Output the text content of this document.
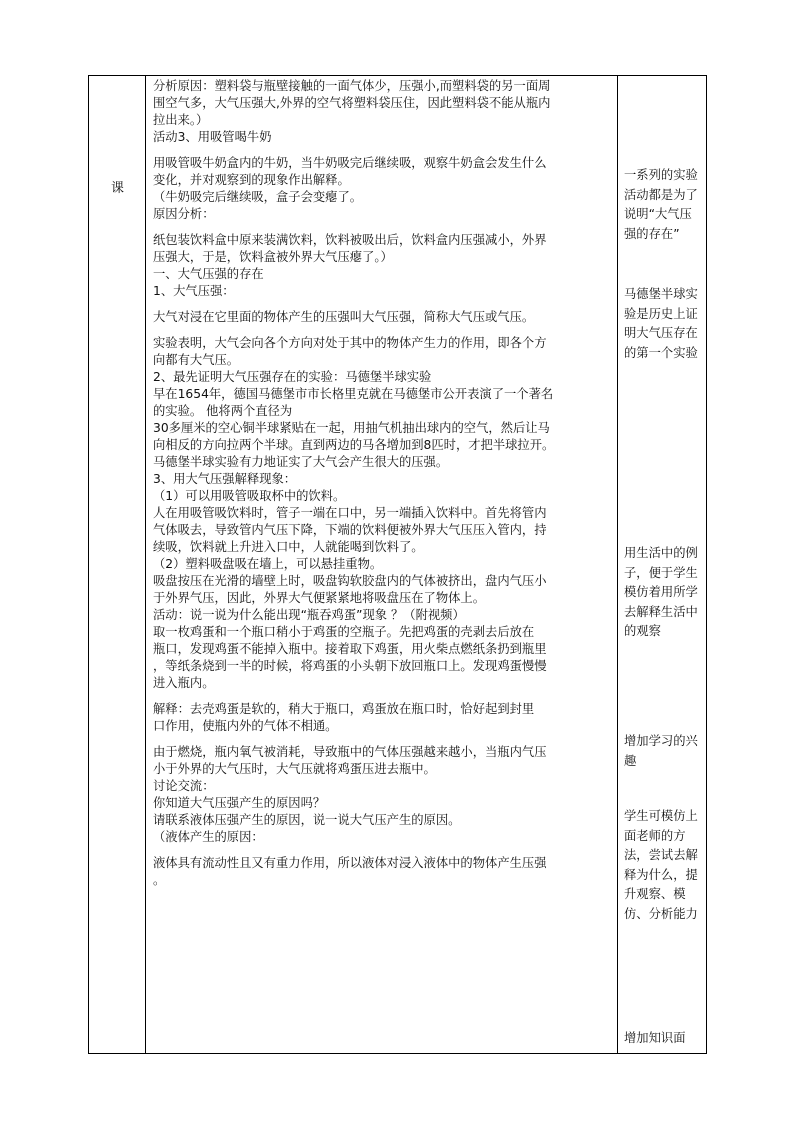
课

分析原因：塑料袋与瓶壁接触的一面气体少，压强小,而塑料袋的另一面周

围空气多，大气压强大,外界的空气将塑料袋压住，因此塑料袋不能从瓶内

拉出来。）

活动3、用吸管喝牛奶

用吸管吸牛奶盒内的牛奶，当牛奶吸完后继续吸，观察牛奶盒会发生什么

变化，并对观察到的现象作出解释。

（牛奶吸完后继续吸，盒子会变瘪了。

原因分析：

纸包装饮料盒中原来装满饮料，饮料被吸出后，饮料盒内压强减小，外界

压强大，于是，饮料盒被外界大气压瘪了。）

一、大气压强的存在

1、大气压强：

大气对浸在它里面的物体产生的压强叫大气压强，简称大气压或气压。

实验表明，大气会向各个方向对处于其中的物体产生力的作用，即各个方

向都有大气压。

2、最先证明大气压强存在的实验：马德堡半球实验

早在1654年，德国马德堡市市长格里克就在马德堡市公开表演了一个著名

的实验。 他将两个直径为

30多厘米的空心铜半球紧贴在一起，用抽气机抽出球内的空气，然后让马

向相反的方向拉两个半球。直到两边的马各增加到8匹时，才把半球拉开。

马德堡半球实验有力地证实了大气会产生很大的压强。

3、用大气压强解释现象：

（1）可以用吸管吸取杯中的饮料。

人在用吸管吸饮料时，管子一端在口中，另一端插入饮料中。首先将管内

气体吸去，导致管内气压下降，下端的饮料便被外界大气压压入管内，持

续吸，饮料就上升进入口中，人就能喝到饮料了。

（2）塑料吸盘吸在墙上，可以悬挂重物。

吸盘按压在光滑的墙壁上时，吸盘钩软胶盘内的气体被挤出，盘内气压小

于外界气压，因此，外界大气便紧紧地将吸盘压在了物体上。

活动：说一说为什么能出现“瓶吞鸡蛋”现象 ？（附视频）

取一枚鸡蛋和一个瓶口稍小于鸡蛋的空瓶子。先把鸡蛋的壳剥去后放在

瓶口，发现鸡蛋不能掉入瓶中。接着取下鸡蛋，用火柴点燃纸条扔到瓶里

，等纸条烧到一半的时候，将鸡蛋的小头朝下放回瓶口上。发现鸡蛋慢慢

进入瓶内。

解释：去壳鸡蛋是软的，稍大于瓶口，鸡蛋放在瓶口时，恰好起到封里

口作用，使瓶内外的气体不相通。

由于燃烧，瓶内氧气被消耗，导致瓶中的气体压强越来越小，当瓶内气压

小于外界的大气压时，大气压就将鸡蛋压进去瓶中。

讨论交流：

你知道大气压强产生的原因吗？

请联系液体压强产生的原因，说一说大气压产生的原因。

（液体产生的原因：

液体具有流动性且又有重力作用，所以液体对浸入液体中的物体产生压强

。

一系列的实验活动都是为了说明“大气压强的存在”

马德堡半球实验是历史上证明大气压存在的第一个实验

用生活中的例子，便于学生模仿着用所学去解释生活中的观察

增加学习的兴趣

学生可模仿上面老师的方法，尝试去解释为什么，提升观察、模仿、分析能力

增加知识面
